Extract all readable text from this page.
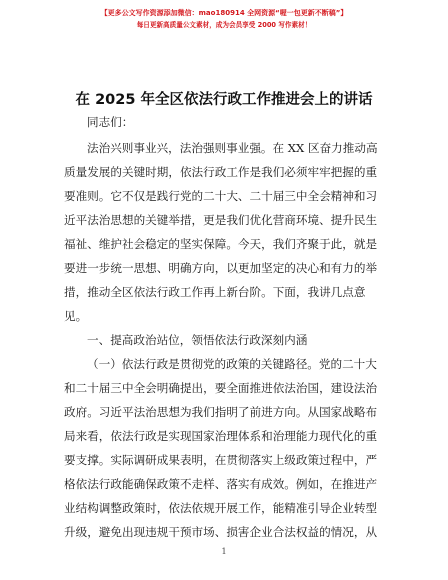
【更多公文写作资源添加微信：mao180914 全网资源“喔一包更新不断稿”】
每日更新高质量公文素材，成为会员享受 2000 写作素材！
在 2025 年全区依法行政工作推进会上的讲话
同志们：
法治兴则事业兴，法治强则事业强。在 XX 区奋力推动高
质量发展的关键时期，依法行政工作是我们必须牢牢把握的重
要准则。它不仅是践行党的二十大、二十届三中全会精神和习
近平法治思想的关键举措，更是我们优化营商环境、提升民生
福祉、维护社会稳定的坚实保障。今天，我们齐聚于此，就是
要进一步统一思想、明确方向，以更加坚定的决心和有力的举
措，推动全区依法行政工作再上新台阶。下面，我讲几点意
见。
一、提高政治站位，领悟依法行政深刻内涵
（一）依法行政是贯彻党的政策的关键路径。党的二十大
和二十届三中全会明确提出，要全面推进依法治国，建设法治
政府。习近平法治思想为我们指明了前进方向。从国家战略布
局来看，依法行政是实现国家治理体系和治理能力现代化的重
要支撑。实际调研成果表明，在贯彻落实上级政策过程中，严
格依法行政能确保政策不走样、落实有成效。例如，在推进产
业结构调整政策时，依法依规开展工作，能精准引导企业转型
升级，避免出现违规干预市场、损害企业合法权益的情况，从
1
